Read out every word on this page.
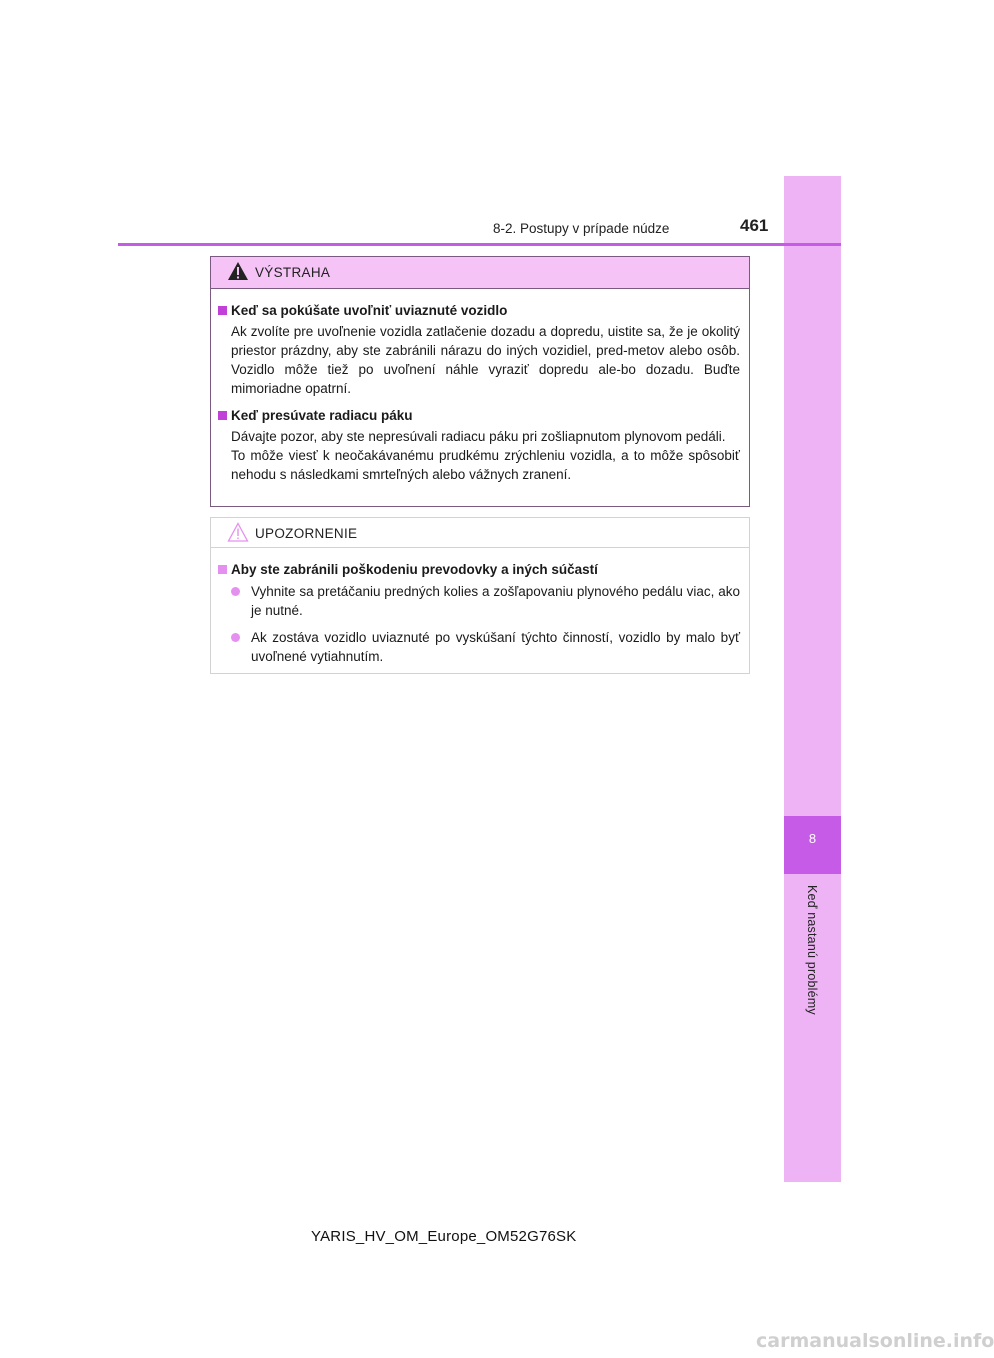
8
Keď nastanú problémy
8-2. Postupy v prípade núdze	461
VÝSTRAHA
Keď sa pokúšate uvoľniť uviaznuté vozidlo
Ak zvolíte pre uvoľnenie vozidla zatlačenie dozadu a dopredu, uistite sa, že je okolitý priestor prázdny, aby ste zabránili nárazu do iných vozidiel, pred-metov alebo osôb. Vozidlo môže tiež po uvoľnení náhle vyraziť dopredu ale-bo dozadu. Buďte mimoriadne opatrní.
Keď presúvate radiacu páku
Dávajte pozor, aby ste nepresúvali radiacu páku pri zošliapnutom plynovom pedáli.
To môže viesť k neočakávanému prudkému zrýchleniu vozidla, a to môže spôsobiť nehodu s následkami smrteľných alebo vážnych zranení.
UPOZORNENIE
Aby ste zabránili poškodeniu prevodovky a iných súčastí
Vyhnite sa pretáčaniu predných kolies a zošľapovaniu plynového pedálu viac, ako je nutné.
Ak zostáva vozidlo uviaznuté po vyskúšaní týchto činností, vozidlo by malo byť uvoľnené vytiahnutím.
YARIS_HV_OM_Europe_OM52G76SK
carmanualsonline.info
